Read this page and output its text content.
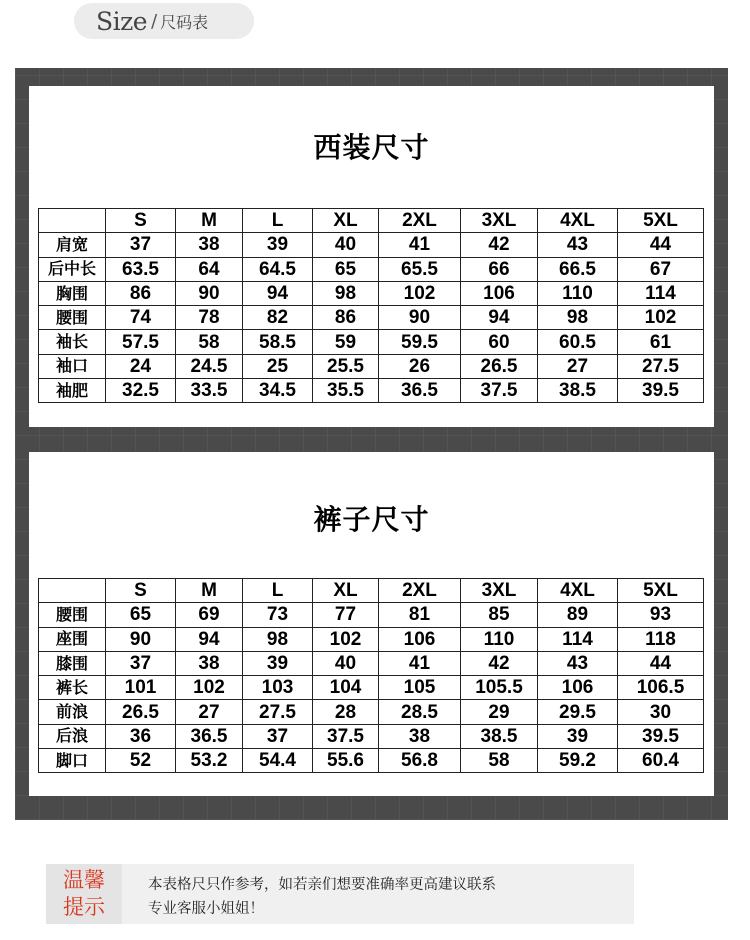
Size / 尺码表
西装尺寸
	S	M	L	XL	2XL	3XL	4XL	5XL
肩宽	37	38	39	40	41	42	43	44
后中长	63.5	64	64.5	65	65.5	66	66.5	67
胸围	86	90	94	98	102	106	110	114
腰围	74	78	82	86	90	94	98	102
袖长	57.5	58	58.5	59	59.5	60	60.5	61
袖口	24	24.5	25	25.5	26	26.5	27	27.5
袖肥	32.5	33.5	34.5	35.5	36.5	37.5	38.5	39.5
裤子尺寸
	S	M	L	XL	2XL	3XL	4XL	5XL
腰围	65	69	73	77	81	85	89	93
座围	90	94	98	102	106	110	114	118
膝围	37	38	39	40	41	42	43	44
裤长	101	102	103	104	105	105.5	106	106.5
前浪	26.5	27	27.5	28	28.5	29	29.5	30
后浪	36	36.5	37	37.5	38	38.5	39	39.5
脚口	52	53.2	54.4	55.6	56.8	58	59.2	60.4
温馨
提示
本表格尺只作参考，如若亲们想要准确率更高建议联系
专业客服小姐姐！
